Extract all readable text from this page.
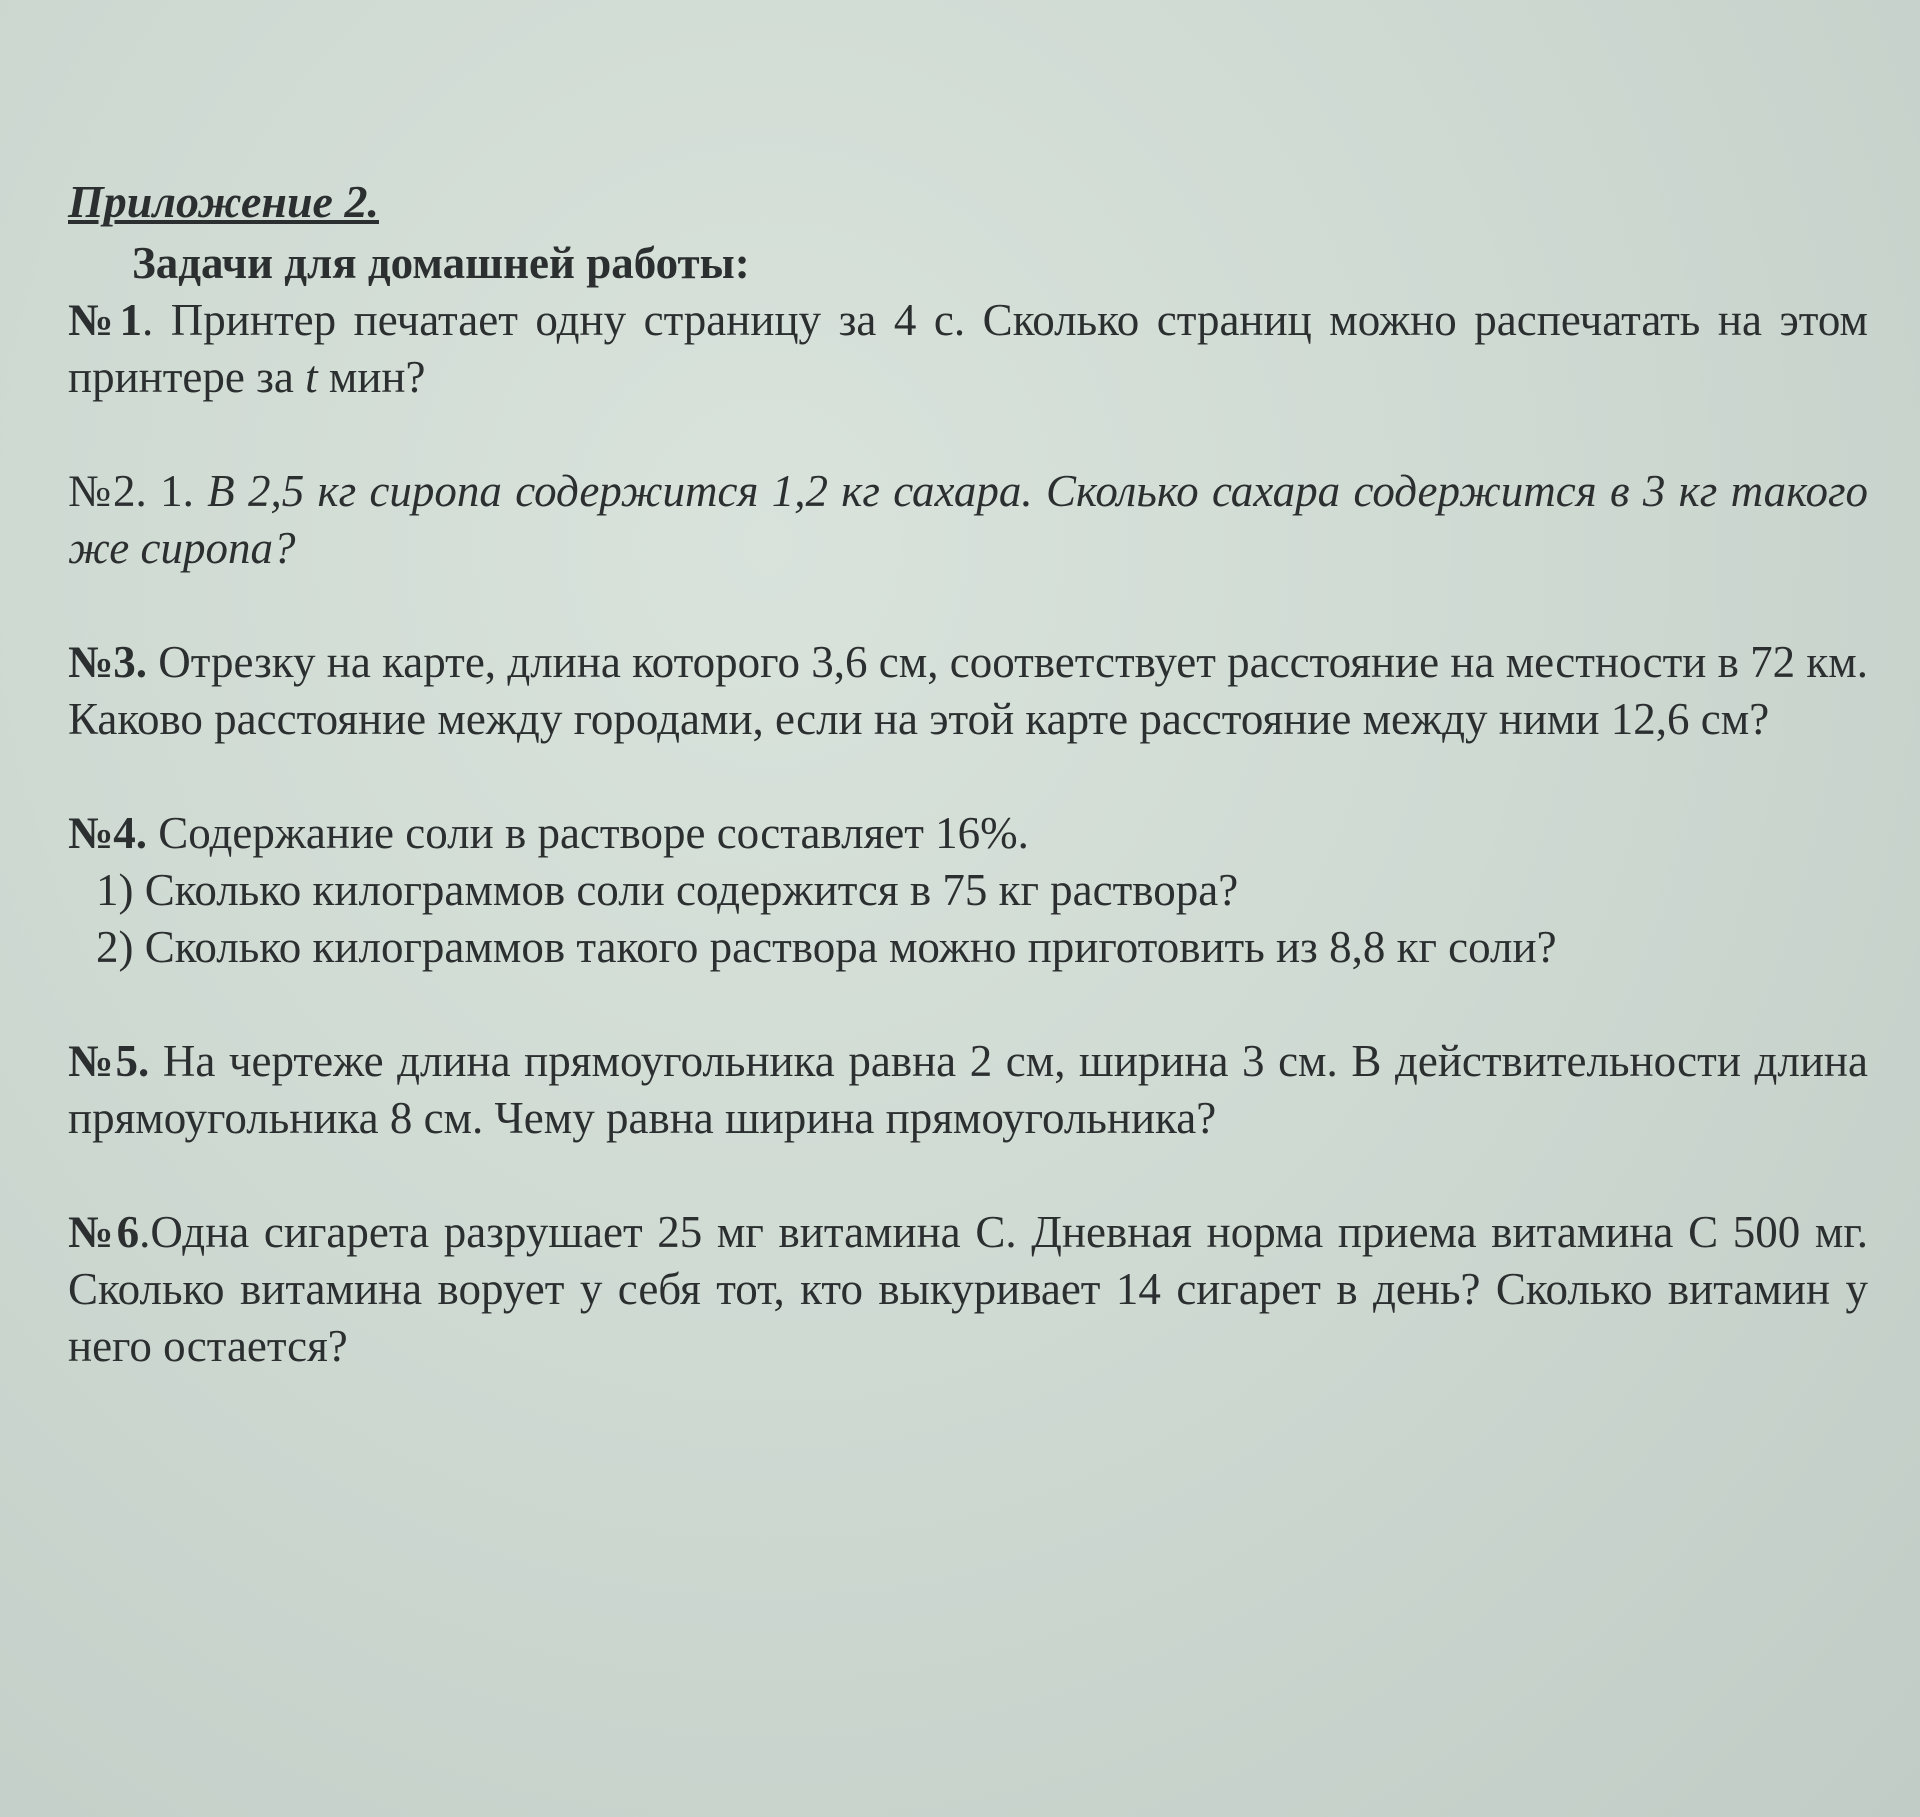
Приложение 2.

Задачи для домашней работы:

№1. Принтер печатает одну страницу за 4 с. Сколько страниц можно распечатать на этом принтере за t мин?

№2. 1. В 2,5 кг сиропа содержится 1,2 кг сахара. Сколько сахара содержится в 3 кг такого же сиропа?

№3. Отрезку на карте, длина которого 3,6 см, соответствует расстояние на местности в 72 км. Каково расстояние между городами, если на этой карте расстояние между ними 12,6 см?

№4. Содержание соли в растворе составляет 16%.

1) Сколько килограммов соли содержится в 75 кг раствора?

2) Сколько килограммов такого раствора можно приготовить из 8,8 кг соли?

№5. На чертеже длина прямоугольника равна 2 см, ширина 3 см. В действительности длина прямоугольника 8 см. Чему равна ширина прямоугольника?

№6.Одна сигарета разрушает 25 мг витамина С. Дневная норма приема витамина С 500 мг. Сколько витамина ворует у себя тот, кто выкуривает 14 сигарет в день? Сколько витамин у него остается?
